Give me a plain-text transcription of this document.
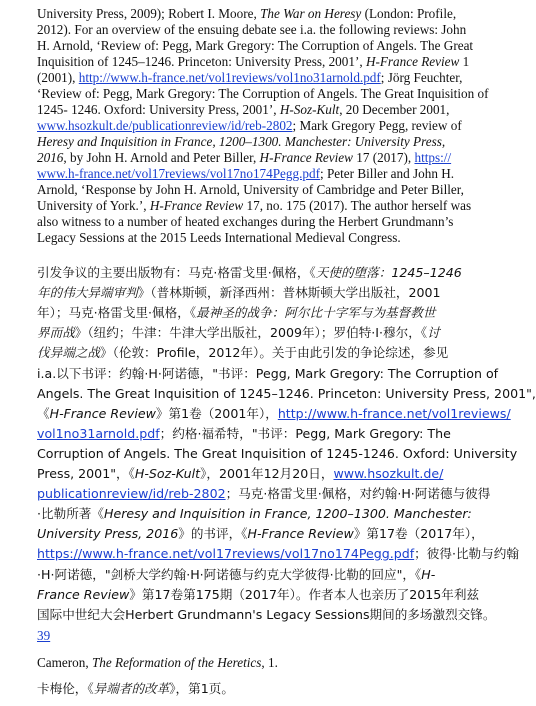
University Press, 2009); Robert I. Moore, The War on Heresy (London: Profile,
2012). For an overview of the ensuing debate see i.a. the following reviews: John
H. Arnold, ‘Review of: Pegg, Mark Gregory: The Corruption of Angels. The Great
Inquisition of 1245–1246. Princeton: University Press, 2001’, H-France Review 1
(2001), http://www.h-france.net/vol1reviews/vol1no31arnold.pdf; Jörg Feuchter,
‘Review of: Pegg, Mark Gregory: The Corruption of Angels. The Great Inquisition of
1245- 1246. Oxford: University Press, 2001’, H-Soz-Kult, 20 December 2001,
www.hsozkult.de/publicationreview/id/reb-2802; Mark Gregory Pegg, review of
Heresy and Inquisition in France, 1200–1300. Manchester: University Press,
2016, by John H. Arnold and Peter Biller, H-France Review 17 (2017), https://
www.h-france.net/vol17reviews/vol17no174Pegg.pdf; Peter Biller and John H.
Arnold, ‘Response by John H. Arnold, University of Cambridge and Peter Biller,
University of York.’, H-France Review 17, no. 175 (2017). The author herself was
also witness to a number of heated exchanges during the Herbert Grundmann’s
Legacy Sessions at the 2015 Leeds International Medieval Congress.
引发争议的主要出版物有：马克·格雷戈里·佩格，《天使的堕落：1245–1246
年的伟大异端审判》（普林斯顿，新泽西州：普林斯顿大学出版社，2001
年）；马克·格雷戈里·佩格，《最神圣的战争：阿尔比十字军与为基督教世
界而战》（纽约；牛津：牛津大学出版社，2009年）；罗伯特·I·穆尔，《讨
伐异端之战》（伦敦：Profile，2012年）。关于由此引发的争论综述，参见
i.a.以下书评：约翰·H·阿诺德，"书评：Pegg, Mark Gregory: The Corruption of
Angels. The Great Inquisition of 1245–1246. Princeton: University Press, 2001",
《H-France Review》第1卷（2001年），http://www.h-france.net/vol1reviews/
vol1no31arnold.pdf；约格·福希特，"书评：Pegg, Mark Gregory: The
Corruption of Angels. The Great Inquisition of 1245-1246. Oxford: University
Press, 2001"，《H-Soz-Kult》，2001年12月20日，www.hsozkult.de/
publicationreview/id/reb-2802；马克·格雷戈里·佩格，对约翰·H·阿诺德与彼得
·比勒所著《Heresy and Inquisition in France, 1200–1300. Manchester:
University Press, 2016》的书评，《H-France Review》第17卷（2017年），
https://www.h-france.net/vol17reviews/vol17no174Pegg.pdf；彼得·比勒与约翰
·H·阿诺德，"剑桥大学约翰·H·阿诺德与约克大学彼得·比勒的回应"，《H-
France Review》第17卷第175期（2017年）。作者本人也亲历了2015年利兹
国际中世纪大会Herbert Grundmann's Legacy Sessions期间的多场激烈交锋。
39
Cameron, The Reformation of the Heretics, 1.
卡梅伦，《异端者的改革》，第1页。
